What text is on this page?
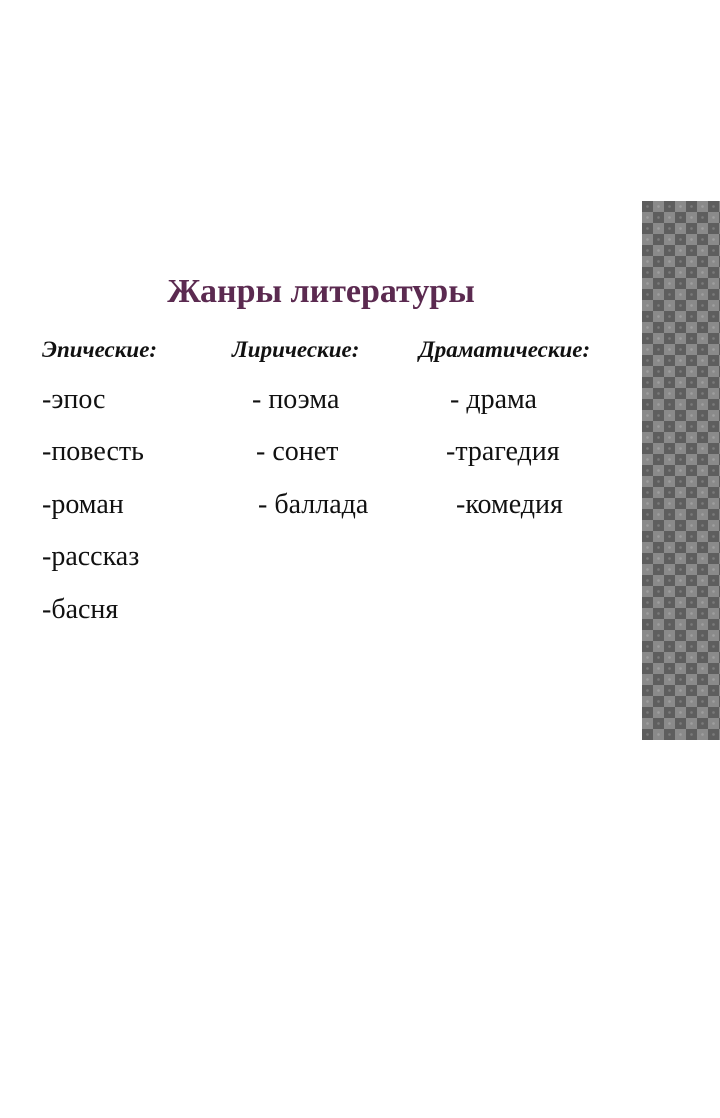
Жанры литературы
Эпические:	Лирические:	Драматические:
-эпос
-повесть
-роман
-рассказ
-басня
- поэма
- сонет
- баллада
- драма
-трагедия
-комедия
